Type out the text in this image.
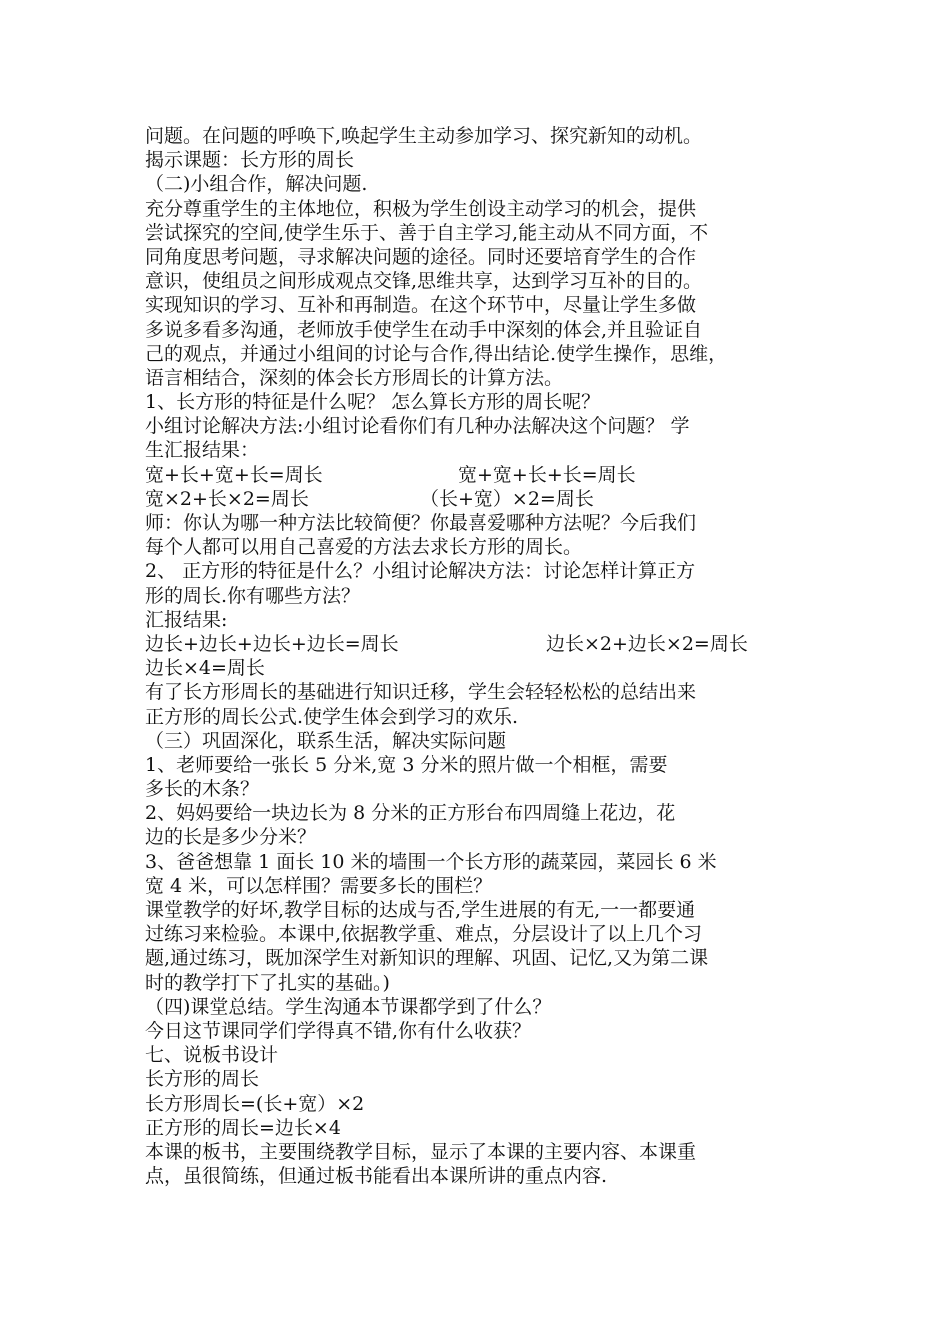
问题。在问题的呼唤下,唤起学生主动参加学习、探究新知的动机。
揭示课题：长方形的周长
（二)小组合作，解决问题.
充分尊重学生的主体地位，积极为学生创设主动学习的机会，提供
尝试探究的空间,使学生乐于、善于自主学习,能主动从不同方面，不
同角度思考问题，寻求解决问题的途径。同时还要培育学生的合作
意识，使组员之间形成观点交锋,思维共享，达到学习互补的目的。
实现知识的学习、互补和再制造。在这个环节中，尽量让学生多做
多说多看多沟通，老师放手使学生在动手中深刻的体会,并且验证自
己的观点，并通过小组间的讨论与合作,得出结论.使学生操作，思维，
语言相结合，深刻的体会长方形周长的计算方法。
1、长方形的特征是什么呢？ 怎么算长方形的周长呢？
小组讨论解决方法:小组讨论看你们有几种办法解决这个问题？ 学
生汇报结果：
宽+长+宽+长=周长	宽+宽+长+长=周长
宽×2+长×2=周长	（长+宽）×2=周长
师：你认为哪一种方法比较简便？你最喜爱哪种方法呢？今后我们
每个人都可以用自己喜爱的方法去求长方形的周长。
2、 正方形的特征是什么？小组讨论解决方法：讨论怎样计算正方
形的周长.你有哪些方法？
汇报结果:
边长+边长+边长+边长=周长	边长×2+边长×2=周长
边长×4=周长
有了长方形周长的基础进行知识迁移，学生会轻轻松松的总结出来
正方形的周长公式.使学生体会到学习的欢乐.
（三）巩固深化，联系生活，解决实际问题
1、老师要给一张长 5 分米,宽 3 分米的照片做一个相框，需要
多长的木条？
2、妈妈要给一块边长为 8 分米的正方形台布四周缝上花边，花
边的长是多少分米？
3、爸爸想靠 1 面长 10 米的墙围一个长方形的蔬菜园，菜园长 6 米
宽 4 米，可以怎样围？需要多长的围栏？
课堂教学的好坏,教学目标的达成与否,学生进展的有无,一一都要通
过练习来检验。本课中,依据教学重、难点，分层设计了以上几个习
题,通过练习，既加深学生对新知识的理解、巩固、记忆,又为第二课
时的教学打下了扎实的基础。)
（四)课堂总结。学生沟通本节课都学到了什么？
今日这节课同学们学得真不错,你有什么收获？
七、说板书设计
长方形的周长
长方形周长=(长+宽）×2
正方形的周长=边长×4
本课的板书，主要围绕教学目标，显示了本课的主要内容、本课重
点，虽很简练，但通过板书能看出本课所讲的重点内容.
